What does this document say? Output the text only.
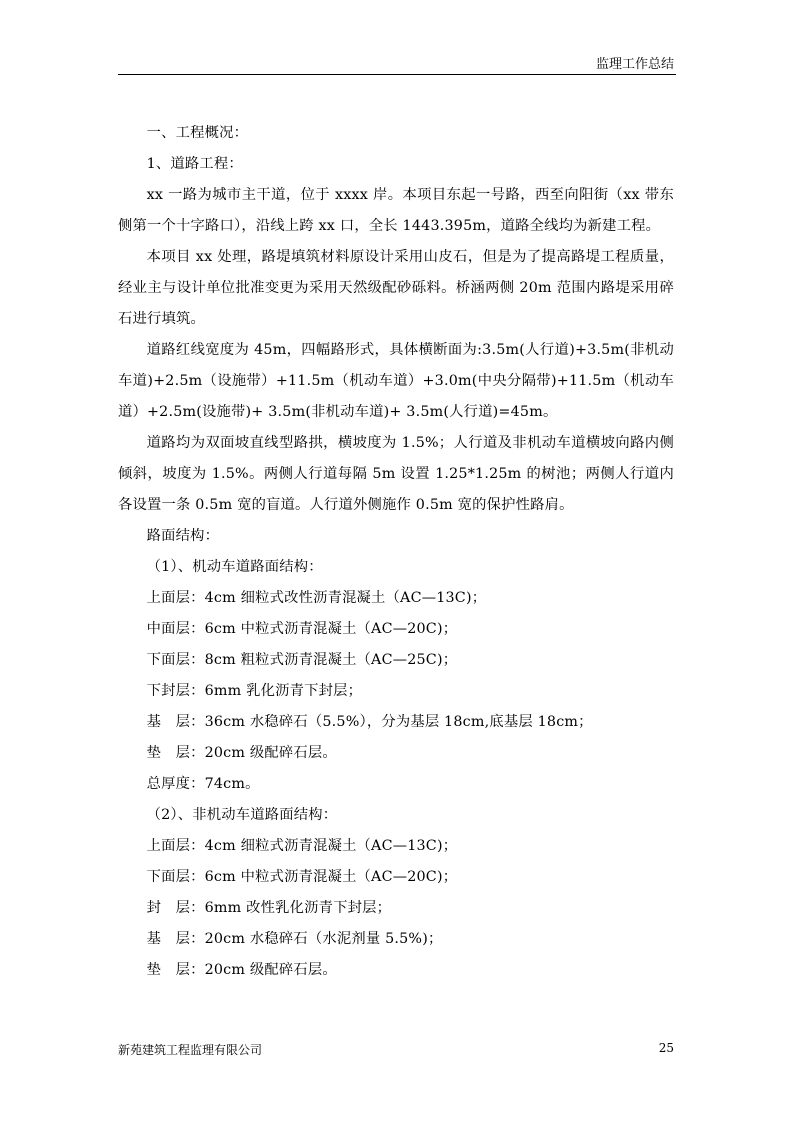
监理工作总结

一、工程概况：

1、道路工程：

xx 一路为城市主干道，位于 xxxx 岸。本项目东起一号路，西至向阳街（xx 带东侧第一个十字路口），沿线上跨 xx 口，全长 1443.395m，道路全线均为新建工程。

本项目 xx 处理，路堤填筑材料原设计采用山皮石，但是为了提高路堤工程质量，经业主与设计单位批准变更为采用天然级配砂砾料。桥涵两侧 20m 范围内路堤采用碎石进行填筑。

道路红线宽度为 45m，四幅路形式，具体横断面为:3.5m(人行道)+3.5m(非机动车道)+2.5m（设施带）+11.5m（机动车道）+3.0m(中央分隔带)+11.5m（机动车道）+2.5m(设施带)+ 3.5m(非机动车道)+ 3.5m(人行道)=45m。

道路均为双面坡直线型路拱，横坡度为 1.5%；人行道及非机动车道横坡向路内侧倾斜，坡度为 1.5%。两侧人行道每隔 5m 设置 1.25*1.25m 的树池；两侧人行道内各设置一条 0.5m 宽的盲道。人行道外侧施作 0.5m 宽的保护性路肩。

路面结构：

（1）、机动车道路面结构：

上面层：4cm 细粒式改性沥青混凝土（AC—13C)；

中面层：6cm 中粒式沥青混凝土（AC—20C)；

下面层：8cm 粗粒式沥青混凝土（AC—25C)；

下封层：6mm 乳化沥青下封层；

基　层：36cm 水稳碎石（5.5%），分为基层 18cm,底基层 18cm；

垫　层：20cm 级配碎石层。

总厚度：74cm。

（2）、非机动车道路面结构：

上面层：4cm 细粒式沥青混凝土（AC—13C)；

下面层：6cm 中粒式沥青混凝土（AC—20C)；

封　层：6mm 改性乳化沥青下封层；

基　层：20cm 水稳碎石（水泥剂量 5.5%)；

垫　层：20cm 级配碎石层。

新苑建筑工程监理有限公司	25
